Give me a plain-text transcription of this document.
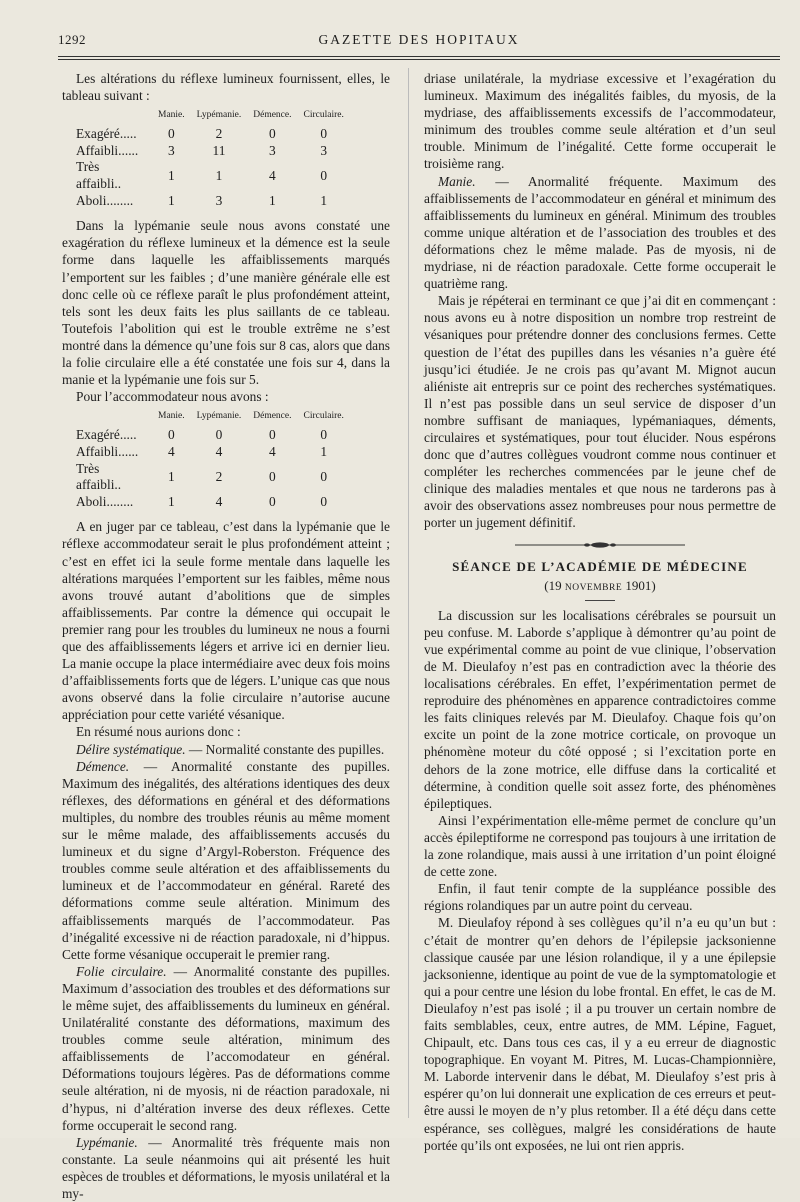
1292	GAZETTE DES HOPITAUX

Les altérations du réflexe lumineux fournissent, elles, le tableau suivant :

	Manie.	Lypémanie.	Démence.	Circulaire.
Exagéré.....	0	2	0	0
Affaibli......	3	11	3	3
Très affaibli..	1	1	4	0
Aboli........	1	3	1	1

Dans la lypémanie seule nous avons constaté une exagération du réflexe lumineux et la démence est la seule forme dans laquelle les affaiblissements marqués l’emportent sur les faibles ; d’une manière générale elle est donc celle où ce réflexe paraît le plus profondément atteint, tels sont les deux faits les plus saillants de ce tableau. Toutefois l’abolition qui est le trouble extrême ne s’est montré dans la démence qu’une fois sur 8 cas, alors que dans la folie circulaire elle a été constatée une fois sur 4, dans la manie et la lypémanie une fois sur 5.

Pour l’accommodateur nous avons :

	Manie.	Lypémanie.	Démence.	Circulaire.
Exagéré.....	0	0	0	0
Affaibli......	4	4	4	1
Très affaibli..	1	2	0	0
Aboli........	1	4	0	0

A en juger par ce tableau, c’est dans la lypémanie que le réflexe accommodateur serait le plus profondément atteint ; c’est en effet ici la seule forme mentale dans laquelle les altérations marquées l’emportent sur les faibles, même nous avons trouvé autant d’abolitions que de simples affaiblissements. Par contre la démence qui occupait le premier rang pour les troubles du lumineux ne nous a fourni que des affaiblissements légers et arrive ici en dernier lieu. La manie occupe la place intermédiaire avec deux fois moins d’affaiblissements forts que de légers. L’unique cas que nous avons observé dans la folie circulaire n’autorise aucune appréciation pour cette variété vésanique.

En résumé nous aurions donc :

Délire systématique. — Normalité constante des pupilles.

Démence. — Anormalité constante des pupilles. Maximum des inégalités, des altérations identiques des deux réflexes, des déformations en général et des déformations multiples, du nombre des troubles réunis au même moment sur le même malade, des affaiblissements accusés du lumineux et du signe d’Argyl-Roberston. Fréquence des troubles comme seule altération et des affaiblissements du lumineux et de l’accommodateur en général. Rareté des déformations comme seule altération. Minimum des affaiblissements marqués de l’accommodateur. Pas d’inégalité excessive ni de réaction paradoxale, ni d’hippus. Cette forme vésanique occuperait le premier rang.

Folie circulaire. — Anormalité constante des pupilles. Maximum d’association des troubles et des déformations sur le même sujet, des affaiblissements du lumineux en général. Unilatéralité constante des déformations, maximum des troubles comme seule altération, minimum des affaiblissements de l’accomodateur en général. Déformations toujours légères. Pas de déformations comme seule altération, ni de myosis, ni de réaction paradoxale, ni d’hypus, ni d’altération inverse des deux réflexes. Cette forme occuperait le second rang.

Lypémanie. — Anormalité très fréquente mais non constante. La seule néanmoins qui ait présenté les huit espèces de troubles et déformations, le myosis unilatéral et la my-

driase unilatérale, la mydriase excessive et l’exagération du lumineux. Maximum des inégalités faibles, du myosis, de la mydriase, des affaiblissements excessifs de l’accommodateur, minimum des troubles comme seule altération et d’un seul trouble. Minimum de l’inégalité. Cette forme occuperait le troisième rang.

Manie. — Anormalité fréquente. Maximum des affaiblissements de l’accommodateur en général et minimum des affaiblissements du lumineux en général. Minimum des troubles comme unique altération et de l’association des troubles et des déformations chez le même malade. Pas de myosis, ni de mydriase, ni de réaction paradoxale. Cette forme occuperait le quatrième rang.

Mais je répéterai en terminant ce que j’ai dit en commençant : nous avons eu à notre disposition un nombre trop restreint de vésaniques pour prétendre donner des conclusions fermes. Cette question de l’état des pupilles dans les vésanies n’a guère été jusqu’ici étudiée. Je ne crois pas qu’avant M. Mignot aucun aliéniste ait entrepris sur ce point des recherches systématiques. Il n’est pas possible dans un seul service de disposer d’un nombre suffisant de maniaques, lypémaniaques, déments, circulaires et systématiques, pour tout élucider. Nous espérons donc que d’autres collègues voudront comme nous continuer et compléter les recherches commencées par le jeune chef de clinique des maladies mentales et que nous ne tarderons pas à avoir des observations assez nombreuses pour nous permettre de porter un jugement définitif.

SÉANCE DE L’ACADÉMIE DE MÉDECINE
(19 NOVEMBRE 1901)

La discussion sur les localisations cérébrales se poursuit un peu confuse. M. Laborde s’applique à démontrer qu’au point de vue expérimental comme au point de vue clinique, l’observation de M. Dieulafoy n’est pas en contradiction avec la théorie des localisations cérébrales. En effet, l’expérimentation permet de reproduire des phénomènes en apparence contradictoires comme les faits cliniques relevés par M. Dieulafoy. Chaque fois qu’on excite un point de la zone motrice corticale, on provoque un phénomène moteur du côté opposé ; si l’excitation porte en dehors de la zone motrice, elle diffuse dans la corticalité et détermine, à condition quelle soit assez forte, des phénomènes épileptiques.

Ainsi l’expérimentation elle-même permet de conclure qu’un accès épileptiforme ne correspond pas toujours à une irritation de la zone rolandique, mais aussi à une irritation d’un point éloigné de cette zone.

Enfin, il faut tenir compte de la suppléance possible des régions rolandiques par un autre point du cerveau.

M. Dieulafoy répond à ses collègues qu’il n’a eu qu’un but : c’était de montrer qu’en dehors de l’épilepsie jacksonienne classique causée par une lésion rolandique, il y a une épilepsie jacksonienne, identique au point de vue de la symptomatologie et qui a pour centre une lésion du lobe frontal. En effet, le cas de M. Dieulafoy n’est pas isolé ; il a pu trouver un certain nombre de faits semblables, ceux, entre autres, de MM. Lépine, Faguet, Chipault, etc. Dans tous ces cas, il y a eu erreur de diagnostic topographique. En voyant M. Pitres, M. Lucas-Championnière, M. Laborde intervenir dans le débat, M. Dieulafoy s’est pris à espérer qu’on lui donnerait une explication de ces erreurs et peut-être aussi le moyen de n’y plus retomber. Il a été déçu dans cette espérance, ses collègues, malgré les considérations de haute portée qu’ils ont exposées, ne lui ont rien appris.
